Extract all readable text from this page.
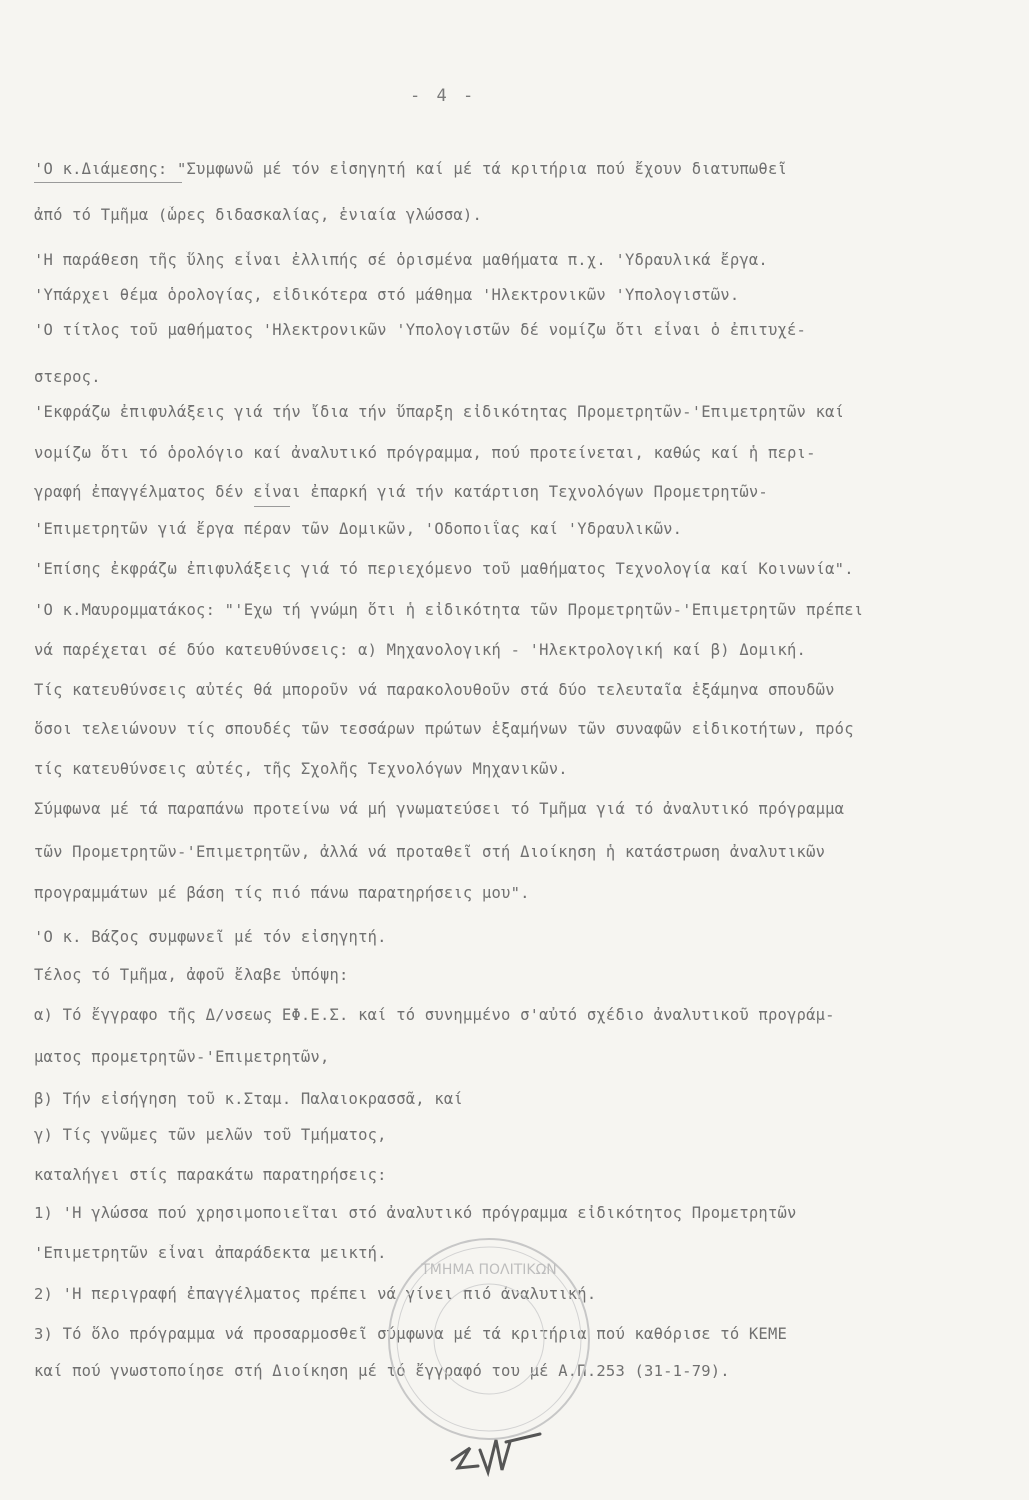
- 4 -
'Ο κ.Διάμεσης: "Συμφωνῶ μέ τόν εἰσηγητή καί μέ τά κριτήρια πού ἔχουν διατυπωθεῖ
ἀπό τό Τμῆμα (ὧρες διδασκαλίας, ἑνιαία γλώσσα).
'Η παράθεση τῆς ὕλης εἶναι ἐλλιπής σέ ὁρισμένα μαθήματα π.χ. 'Υδραυλικά ἔργα.
'Υπάρχει θέμα ὁρολογίας, εἰδικότερα στό μάθημα 'Ηλεκτρονικῶν 'Υπολογιστῶν.
'Ο τίτλος τοῦ μαθήματος 'Ηλεκτρονικῶν 'Υπολογιστῶν δέ νομίζω ὅτι εἶναι ὁ ἐπιτυχέ-
στερος.
'Εκφράζω ἐπιφυλάξεις γιά τήν ἴδια τήν ὕπαρξη εἰδικότητας Προμετρητῶν-'Επιμετρητῶν καί
νομίζω ὅτι τό ὁρολόγιο καί ἀναλυτικό πρόγραμμα, πού προτείνεται, καθώς καί ἡ περι-
γραφή ἐπαγγέλματος δέν εἶναι ἐπαρκή γιά τήν κατάρτιση Τεχνολόγων Προμετρητῶν-
'Επιμετρητῶν γιά ἔργα πέραν τῶν Δομικῶν, 'Οδοποιΐας καί 'Υδραυλικῶν.
'Επίσης ἐκφράζω ἐπιφυλάξεις γιά τό περιεχόμενο τοῦ μαθήματος Τεχνολογία καί Κοινωνία".
'Ο κ.Μαυρομματάκος: "'Εχω τή γνώμη ὅτι ἡ εἰδικότητα τῶν Προμετρητῶν-'Επιμετρητῶν πρέπει
νά παρέχεται σέ δύο κατευθύνσεις: α) Μηχανολογική - 'Ηλεκτρολογική καί β) Δομική.
Τίς κατευθύνσεις αὐτές θά μποροῦν νά παρακολουθοῦν στά δύο τελευταῖα ἑξάμηνα σπουδῶν
ὅσοι τελειώνουν τίς σπουδές τῶν τεσσάρων πρώτων ἑξαμήνων τῶν συναφῶν εἰδικοτήτων, πρός
τίς κατευθύνσεις αὐτές, τῆς Σχολῆς Τεχνολόγων Μηχανικῶν.
Σύμφωνα μέ τά παραπάνω προτείνω νά μή γνωματεύσει τό Τμῆμα γιά τό ἀναλυτικό πρόγραμμα
τῶν Προμετρητῶν-'Επιμετρητῶν, ἀλλά νά προταθεῖ στή Διοίκηση ἡ κατάστρωση ἀναλυτικῶν
προγραμμάτων μέ βάση τίς πιό πάνω παρατηρήσεις μου".
'Ο κ. Βάζος συμφωνεῖ μέ τόν εἰσηγητή.
Τέλος τό Τμῆμα, ἀφοῦ ἔλαβε ὑπόψη:
α) Τό ἔγγραφο τῆς Δ/νσεως ΕΦ.Ε.Σ. καί τό συνημμένο σ'αὐτό σχέδιο ἀναλυτικοῦ προγράμ-
ματος προμετρητῶν-'Επιμετρητῶν,
β) Τήν εἰσήγηση τοῦ κ.Σταμ. Παλαιοκρασσᾶ, καί
γ) Τίς γνῶμες τῶν μελῶν τοῦ Τμήματος,
καταλήγει στίς παρακάτω παρατηρήσεις:
1) 'Η γλώσσα πού χρησιμοποιεῖται στό ἀναλυτικό πρόγραμμα εἰδικότητος Προμετρητῶν
'Επιμετρητῶν εἶναι ἀπαράδεκτα μεικτή.
2) 'Η περιγραφή ἐπαγγέλματος πρέπει νά γίνει πιό ἀναλυτική.
3) Τό ὅλο πρόγραμμα νά προσαρμοσθεῖ σύμφωνα μέ τά κριτήρια πού καθόρισε τό ΚΕΜΕ
καί πού γνωστοποίησε στή Διοίκηση μέ τό ἔγγραφό του μέ Α.Π.253 (31-1-79).
ΤΜΗΜΑ ΠΟΛΙΤΙΚΩΝ
Σπ
